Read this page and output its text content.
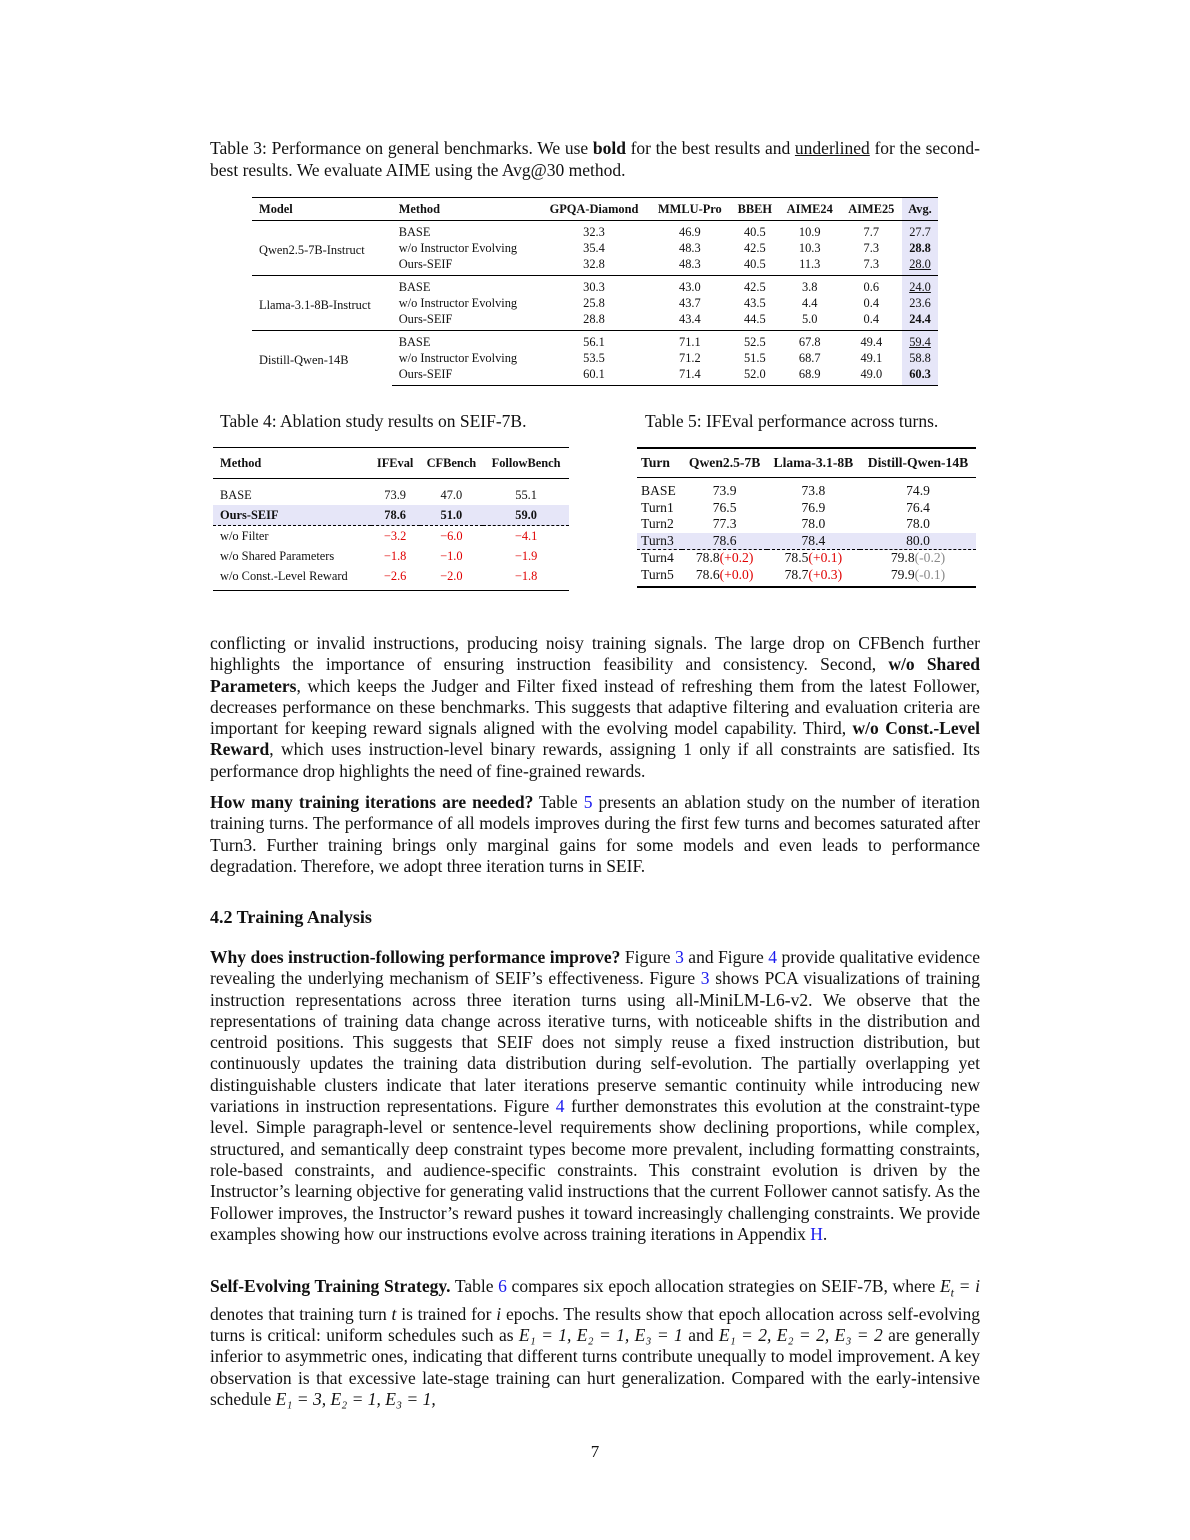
Table 3: Performance on general benchmarks. We use bold for the best results and underlined for the second-best results. We evaluate AIME using the Avg@30 method.
Model	Method	GPQA-Diamond	MMLU-Pro	BBEH	AIME24	AIME25	Avg.
Qwen2.5-7B-Instruct	BASE	32.3	46.9	40.5	10.9	7.7	27.7
	w/o Instructor Evolving	35.4	48.3	42.5	10.3	7.3	28.8
	Ours-SEIF	32.8	48.3	40.5	11.3	7.3	28.0
Llama-3.1-8B-Instruct	BASE	30.3	43.0	42.5	3.8	0.6	24.0
	w/o Instructor Evolving	25.8	43.7	43.5	4.4	0.4	23.6
	Ours-SEIF	28.8	43.4	44.5	5.0	0.4	24.4
Distill-Qwen-14B	BASE	56.1	71.1	52.5	67.8	49.4	59.4
	w/o Instructor Evolving	53.5	71.2	51.5	68.7	49.1	58.8
	Ours-SEIF	60.1	71.4	52.0	68.9	49.0	60.3
Table 4: Ablation study results on SEIF-7B.
Method	IFEval	CFBench	FollowBench
BASE	73.9	47.0	55.1
Ours-SEIF	78.6	51.0	59.0
w/o Filter	−3.2	−6.0	−4.1
w/o Shared Parameters	−1.8	−1.0	−1.9
w/o Const.-Level Reward	−2.6	−2.0	−1.8
Table 5: IFEval performance across turns.
Turn	Qwen2.5-7B	Llama-3.1-8B	Distill-Qwen-14B
BASE	73.9	73.8	74.9
Turn1	76.5	76.9	76.4
Turn2	77.3	78.0	78.0
Turn3	78.6	78.4	80.0
Turn4	78.8(+0.2)	78.5(+0.1)	79.8(-0.2)
Turn5	78.6(+0.0)	78.7(+0.3)	79.9(-0.1)
conflicting or invalid instructions, producing noisy training signals. The large drop on CFBench further highlights the importance of ensuring instruction feasibility and consistency. Second, w/o Shared Parameters, which keeps the Judger and Filter fixed instead of refreshing them from the latest Follower, decreases performance on these benchmarks. This suggests that adaptive filtering and evaluation criteria are important for keeping reward signals aligned with the evolving model capability. Third, w/o Const.-Level Reward, which uses instruction-level binary rewards, assigning 1 only if all constraints are satisfied. Its performance drop highlights the need of fine-grained rewards.
How many training iterations are needed? Table 5 presents an ablation study on the number of iteration training turns. The performance of all models improves during the first few turns and becomes saturated after Turn3. Further training brings only marginal gains for some models and even leads to performance degradation. Therefore, we adopt three iteration turns in SEIF.
4.2 Training Analysis
Why does instruction-following performance improve? Figure 3 and Figure 4 provide qualitative evidence revealing the underlying mechanism of SEIF’s effectiveness. Figure 3 shows PCA visualizations of training instruction representations across three iteration turns using all-MiniLM-L6-v2. We observe that the representations of training data change across iterative turns, with noticeable shifts in the distribution and centroid positions. This suggests that SEIF does not simply reuse a fixed instruction distribution, but continuously updates the training data distribution during self-evolution. The partially overlapping yet distinguishable clusters indicate that later iterations preserve semantic continuity while introducing new variations in instruction representations. Figure 4 further demonstrates this evolution at the constraint-type level. Simple paragraph-level or sentence-level requirements show declining proportions, while complex, structured, and semantically deep constraint types become more prevalent, including formatting constraints, role-based constraints, and audience-specific constraints. This constraint evolution is driven by the Instructor’s learning objective for generating valid instructions that the current Follower cannot satisfy. As the Follower improves, the Instructor’s reward pushes it toward increasingly challenging constraints. We provide examples showing how our instructions evolve across training iterations in Appendix H.
Self-Evolving Training Strategy. Table 6 compares six epoch allocation strategies on SEIF-7B, where $E_t = i$ denotes that training turn t is trained for i epochs. The results show that epoch allocation across self-evolving turns is critical: uniform schedules such as E₁ = 1, E₂ = 1, E₃ = 1 and E₁ = 2, E₂ = 2, E₃ = 2 are generally inferior to asymmetric ones, indicating that different turns contribute unequally to model improvement. A key observation is that excessive late-stage training can hurt generalization. Compared with the early-intensive schedule E₁ = 3, E₂ = 1, E₃ = 1,
7
